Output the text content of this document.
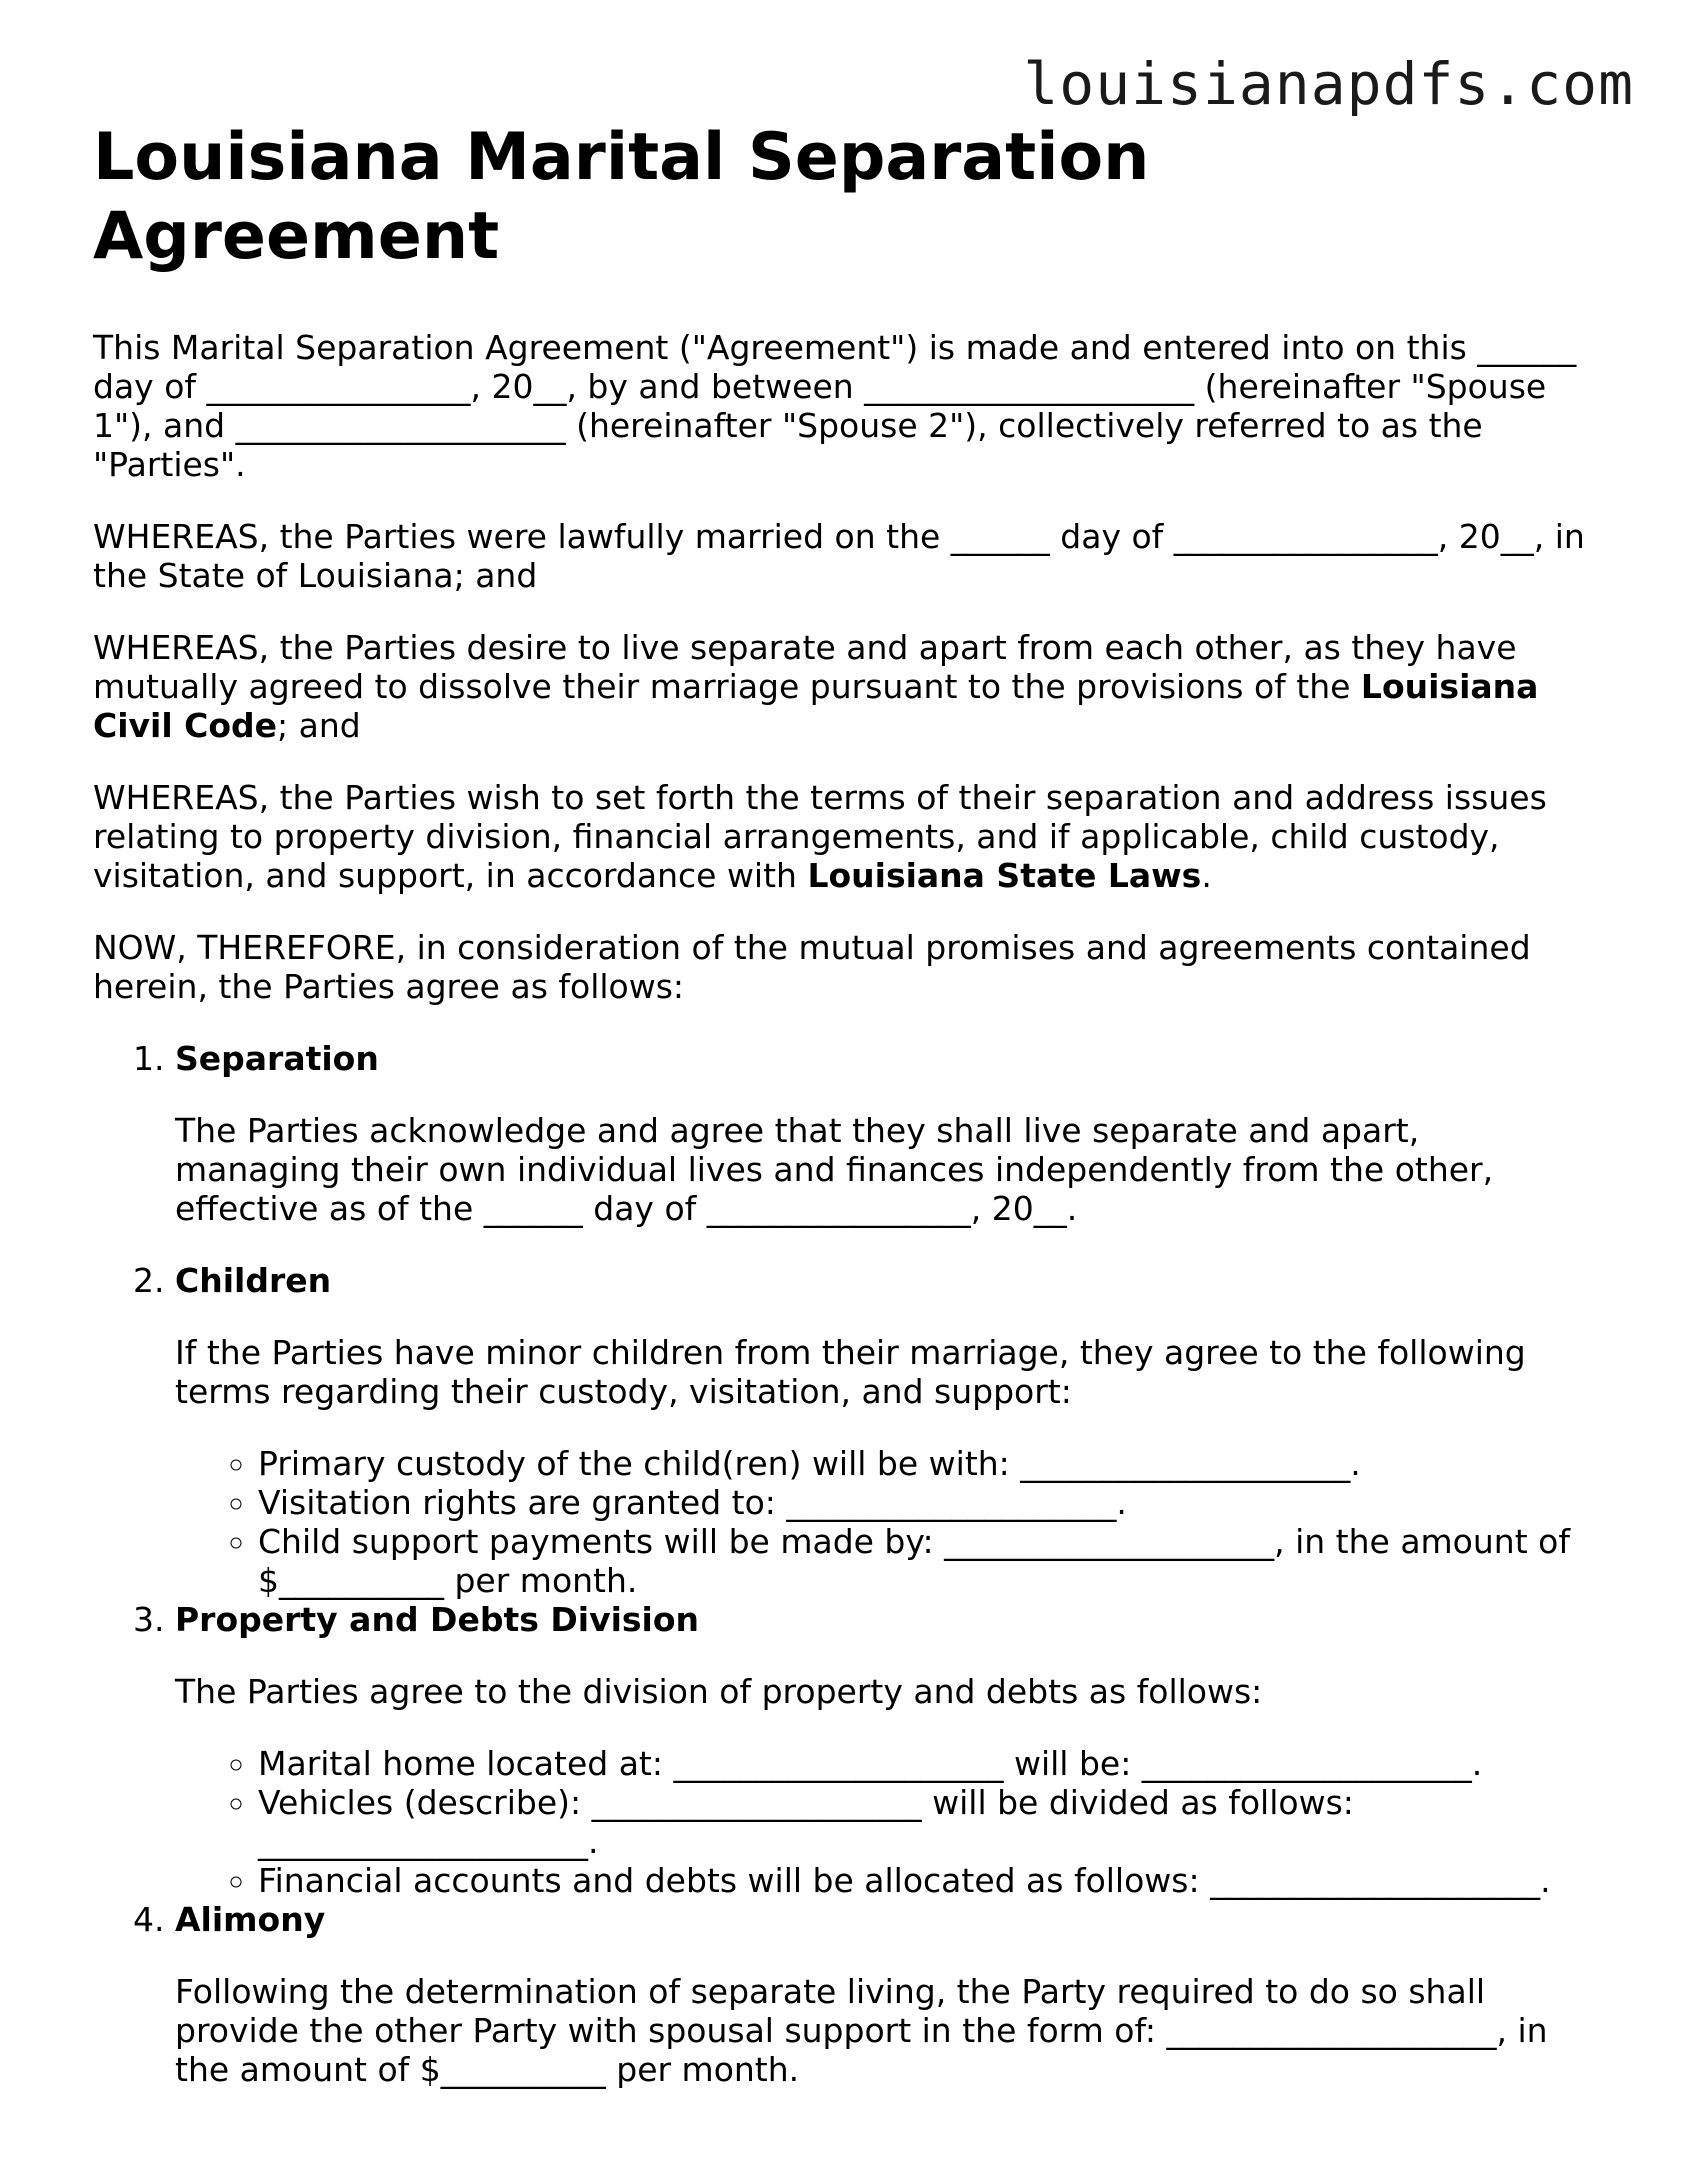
louisianapdfs.com
Louisiana Marital Separation Agreement

This Marital Separation Agreement ("Agreement") is made and entered into on this ______ day of ________________, 20__, by and between ____________________ (hereinafter "Spouse 1"), and ____________________ (hereinafter "Spouse 2"), collectively referred to as the "Parties".

WHEREAS, the Parties were lawfully married on the ______ day of ________________, 20__, in the State of Louisiana; and

WHEREAS, the Parties desire to live separate and apart from each other, as they have mutually agreed to dissolve their marriage pursuant to the provisions of the Louisiana Civil Code; and

WHEREAS, the Parties wish to set forth the terms of their separation and address issues relating to property division, financial arrangements, and if applicable, child custody, visitation, and support, in accordance with Louisiana State Laws.

NOW, THEREFORE, in consideration of the mutual promises and agreements contained herein, the Parties agree as follows:

1. Separation

The Parties acknowledge and agree that they shall live separate and apart, managing their own individual lives and finances independently from the other, effective as of the ______ day of ________________, 20__.

2. Children

If the Parties have minor children from their marriage, they agree to the following terms regarding their custody, visitation, and support:

◦ Primary custody of the child(ren) will be with: ____________________.
◦ Visitation rights are granted to: ____________________.
◦ Child support payments will be made by: ____________________, in the amount of $__________ per month.
3. Property and Debts Division

The Parties agree to the division of property and debts as follows:

◦ Marital home located at: ____________________ will be: ____________________.
◦ Vehicles (describe): ____________________ will be divided as follows: ____________________.
◦ Financial accounts and debts will be allocated as follows: ____________________.
4. Alimony

Following the determination of separate living, the Party required to do so shall provide the other Party with spousal support in the form of: ____________________, in the amount of $__________ per month.
